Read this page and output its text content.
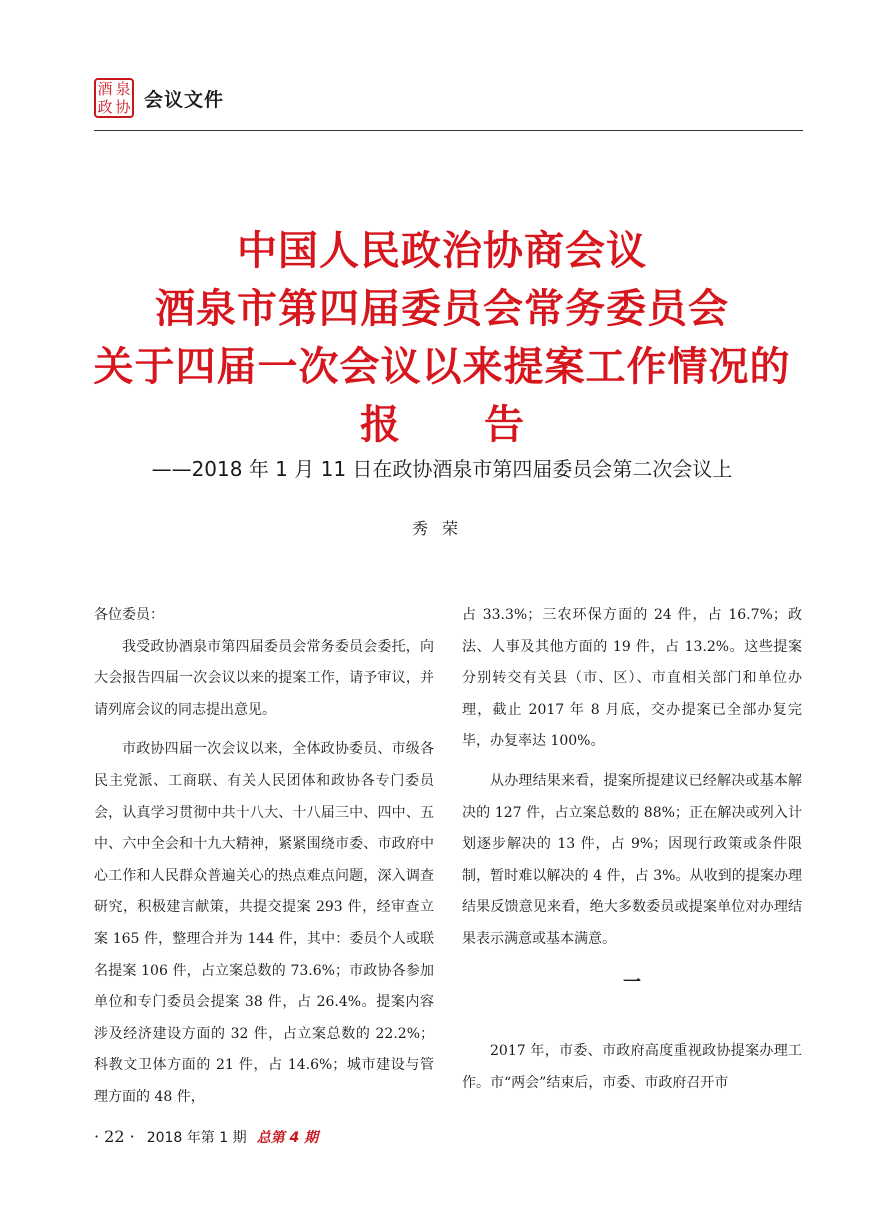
酒 泉
政 协 会议文件
中国人民政治协商会议
酒泉市第四届委员会常务委员会
关于四届一次会议以来提案工作情况的
报告
——2018 年 1 月 11 日在政协酒泉市第四届委员会第二次会议上
秀荣

各位委员：

我受政协酒泉市第四届委员会常务委员会委托，向大会报告四届一次会议以来的提案工作，请予审议，并请列席会议的同志提出意见。

市政协四届一次会议以来，全体政协委员、市级各民主党派、工商联、有关人民团体和政协各专门委员会，认真学习贯彻中共十八大、十八届三中、四中、五中、六中全会和十九大精神，紧紧围绕市委、市政府中心工作和人民群众普遍关心的热点难点问题，深入调查研究，积极建言献策，共提交提案 293 件，经审查立案 165 件，整理合并为 144 件，其中：委员个人或联名提案 106 件，占立案总数的 73.6%；市政协各参加单位和专门委员会提案 38 件，占 26.4%。提案内容涉及经济建设方面的 32 件，占立案总数的 22.2%；科教文卫体方面的 21 件，占 14.6%；城市建设与管理方面的 48 件，

占 33.3%；三农环保方面的 24 件，占 16.7%；政法、人事及其他方面的 19 件，占 13.2%。这些提案分别转交有关县（市、区）、市直相关部门和单位办理，截止 2017 年 8 月底，交办提案已全部办复完毕，办复率达 100%。

从办理结果来看，提案所提建议已经解决或基本解决的 127 件，占立案总数的 88%；正在解决或列入计划逐步解决的 13 件，占 9%；因现行政策或条件限制，暂时难以解决的 4 件，占 3%。从收到的提案办理结果反馈意见来看，绝大多数委员或提案单位对办理结果表示满意或基本满意。

一

2017 年，市委、市政府高度重视政协提案办理工作。市“两会”结束后，市委、市政府召开市

· 22 · 2018 年第 1 期 总第 4 期
